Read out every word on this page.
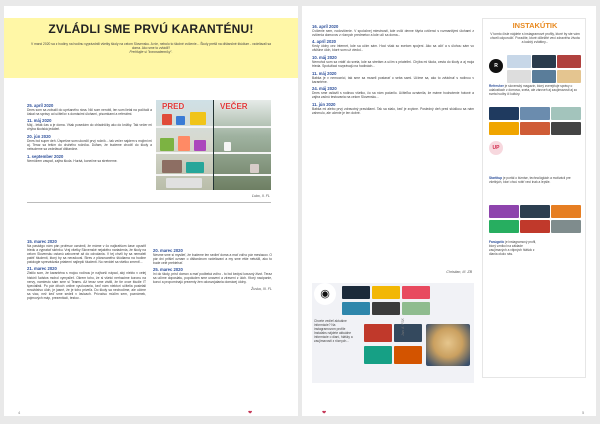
ZVLÁDLI SME PRVÚ KARANTÉNU!
V marci 2020 sa z hodiny na hodinu vyprázdnili všetky školy na celom Slovensku. A nie, nebolo to školné cvičenie... Školy prešli na dištančné štúdium - vzdelávali sa doma. Ako sme to zvládli?
Prečítajte si "koronadenníky".
25. apríl 2020
Dnes som sa zobudil do upršaného rána. Nič som nerobil, len som lietal na počítači a čakal na správy od učiteľov s domácimi úlohami, písomkami a referátmi.
11. máj 2020
Máj - leták čas a je doma. Však posedám do chladničky ako do knižky. Tak večer mi chýba školská jedáleň.
20. jún 2020
Dnes bol super deň. Úspešne som ukončil prvý ročník... tak večer najdem s mojimi mi aj. Teraz sa teším do druhého ročníka. Dúfam, že budeme chodiť do školy a nebudeme sa vzdelávať dištančne.
1. september 2020
Nemôžem zaspať, zajtra škola. Huráá, konečne sa stretneme.
PRED	VEČER
Ľubo, II. FL
15. marec 2020
Na pasážgo nám pán profesor oznámil, že máme v čo najkratšom čase opustiť triedu a vypratať skrinku. Vraj všetky Slovenské nejakého nariadenia, že školy na celom Slovensku ostanú zatvorené až do odvolania. V tej chvíli by sa nemaleli patriť študenti, ktorý by sa neradoval. Stres z plánovaného štúdiama na hodine patologie sprevádzala priatemí najlepší študenti. No nevidel sa všetko zmeniť...
21. marec 2020
Zistilo som, že karanténa s mojou rodinou je najhorší nápad, aký niekto v celej histórii ľudstva mohol vymyslieť. Okrem toho, že si všetci nerhacime koronu na nervy, namiesto sám sme si Teams. Až teraz sme zistili, že tie ovce študie IT špecialisti. Po pár dňoch online vyučovania, keď nám niektorí učitelia posielali množdstvo úloh, je jasné, že je toho priveľa. Do školy sa nechodíme, ale učíme sa viac, než keď sme sedeli v lavicach. Prívodsu múčim sem, poznámek, pojmových máp, prezentácií, testov...
20. marec 2020
Nesme sme si myslieť, že budeme len sedieť doma a mať voľno pár mesiacov. O pár dní prišiel oznam o dištančnom vzdelávaní a my sme ešte netušili, ako to bude celé prebiehať.
25. marec 2020
Iní do školy, prísť domov a mať podbeká voľno - to bol kedysi luxusný život. Teraz sa učíme doposlatu, popoluden sme unavení a ziravení z úloh. Ktorý nacipanie, koncí a propomínajú prezenty žen odosvojalania domácej úlohy.
Žuska, III. FL
4	❤
16. apríl 2020
Cvičenie sem, nodcvičenie. V spoločnej miestnosti, kde cvičí denne štyria cvičenci s rozmanitými úlohami z cvičenia domovov z rôznych predmetov a kde učí sa doma...
4. apríl 2020
Kedy úlohy cez internet, kde sa učím sám. Hoci však so svetom spojení. Ako sa učíť a s úlohou sám vo väčšine úloh, ktoré som už viedol...
10. máj 2020
Nemohol som sa vrátiť do sveta, kde sa stretám a učím s priateľmi. Chýba mi škola, cesta do školy a aj moja trieda. Spolužiaci rozprávajú na hodinách...
11. máj 2020
Babka je v nemocnici, tak sme sa museli postarať o seba sami. Učíme sa, ako to zvládnuť s rodinou v karanténe.
24. máj 2020
Dnes sme oslávili s rodinou všetko, čo sa nám podarilo. Učiteľka oznámila, že máme hodnotenie hotové a zajtra začnú testovania na celom Slovensku...
11. jún 2020
Babka mi alebo prvý zdravotný pravidlami. Tak sa stalo, keď je zvykne. Posledný deň pred skúškou sa nám zahrnulo, ale učenie je len dobré.
Christian, III. ZB
◉
Chcete vedieť aktuálne informácie? Na instagramovom profile Instalabs nájdete aktuálne informácie o dianí, hlášky a zaujímavosti z rôznych...
INSTAKÚTIK
V tomto čísle nájdete s instagramové profily, ktoré by ste vám chceli odporučiť. Poradite, ktoré dôležité veci zdravého života a každý zvláštny...
R
Refresher je slovenský magazín, ktorý zverejňuje správy o udalostiach z domova, sveta, ale zároveň aj zaujímavosti aj zo sveta hudby či kultúry.
UP
Startitup je portál o biznise, technológiách a motivácii pre všetkých, ktorí chcú robiť veci inak a lepšie.
Fanúgotic je instagramový profil, ktorý vznikol na základe zaujímavých a vtipných hlášok z diania okolo nás.
Jan. II. FSK
5
❤
